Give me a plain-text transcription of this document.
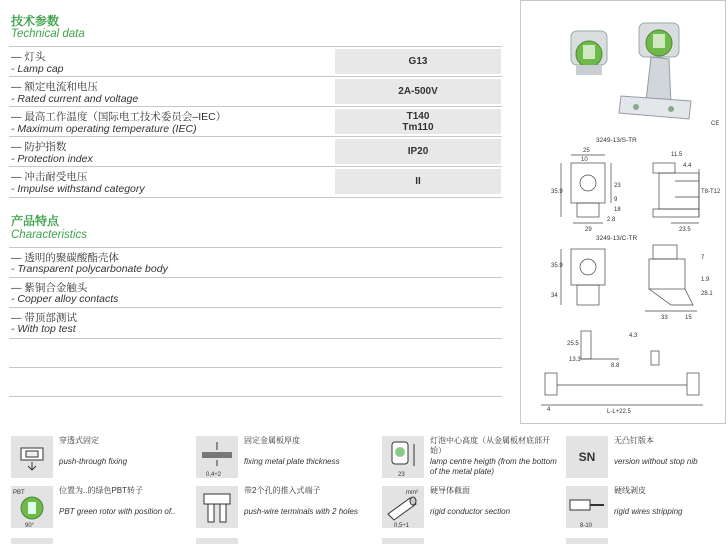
技术参数
Technical data
— 灯头
- Lamp cap
G13
— 额定电流和电压
- Rated current and voltage
2A-500V
— 最高工作温度（国际电工技术委员会–IEC）
- Maximum operating temperature (IEC)
T140
Tm110
— 防护指数
- Protection index
IP20
— 冲击耐受电压
- Impulse withstand category
II
产品特点
Characteristics
— 透明的聚碳酸酯壳体
- Transparent polycarbonate body
— 紫铜合金触头
- Copper alloy contacts
— 带顶部测试
- With top test
CE
3249-13/S-TR
3249-13/C-TR
25
11.5
4.4
35.9
10
23
9
18
29
2.8
T8-T12
23.5
35.9
34
7
1.9
28.1
33	15
25.5
13.3
8.8
4.3
L-L+22.5
4
穿透式固定
push-through fixing
0,4÷2
固定金属板厚度
fixing metal plate thickness
23
灯泡中心高度（从金属板材底部开始）
lamp centre heigth (from the bottom of the metal plate)
SN
无凸钉版本
version without stop nib
PBT
90°
位置为..的绿色PBT转子
PBT green rotor with position of..
带2个孔的推入式端子
push-wire terminals with 2 holes
mm²
0,5÷1
硬导体截面
rigid conductor section
8-10
硬线剥皮
rigid wires stripping
